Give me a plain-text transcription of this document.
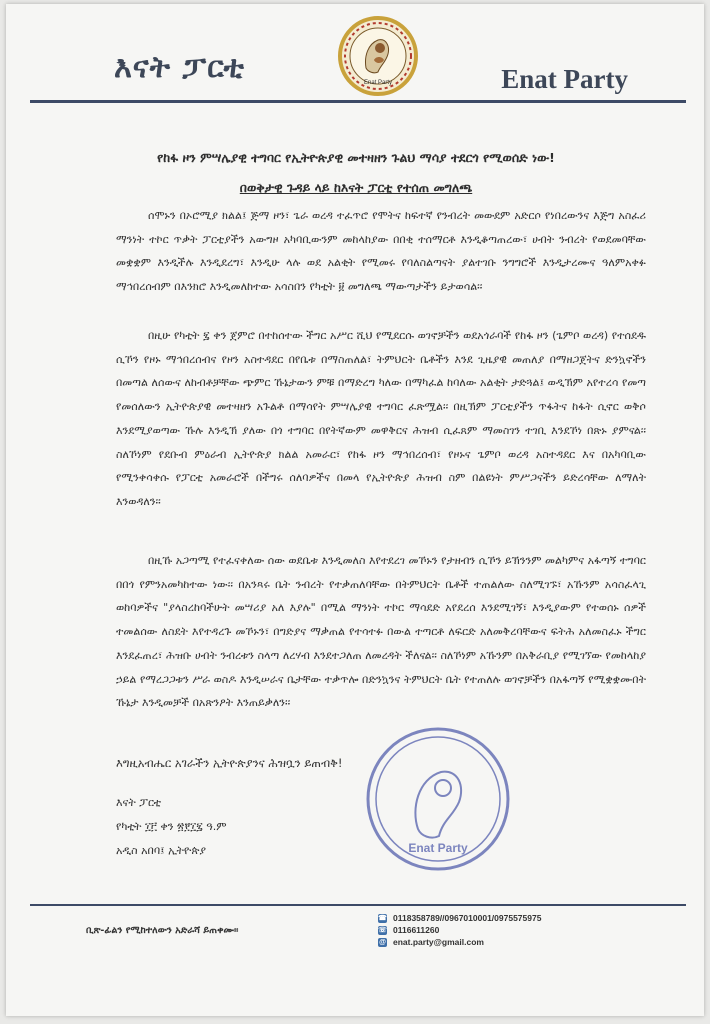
እናት ፓርቲ	Enat Party	Enat Party
የከፋ ዞን ምሣሌያዊ ተግባር የኢትዮጵያዊ መተዛዘን ጉልህ ማሳያ ተደርጎ የሚወሰድ ነው!
በወቅታዊ ጉዳይ ላይ ከእናት ፓርቲ የተሰጠ መግለጫ

ሰሞኑን በኦሮሚያ ክልል፤ ጅማ ዞን፣ ጌራ ወረዳ ተፈጥሮ የሞትና ከፍተኛ የንብረት መውደም አድርሶ የነበረውንና እጅግ አስፈሪ ማንነት ተኮር ጥቃት ፓርቲያችን አውግዞ አካባቢውንም መከላከያው በበቂ ተሰማርቶ እንዲቆጣጠረው፣ ሀብት ንብረት የወደመባቸው መቋቋም እንዲችሉ እንዲደረግ፣ እንዲሁ ላሉ ወደ አልቂት የሚመሩ የባለስልጣናት ያልተገቡ ንግግሮች እንዲታረሙና ዓለምአቀፉ ማኅበረሰብም በእንክሮ እንዲመለከተው አሳስበን የካቲት ፱ መግለጫ ማውጣታችን ይታወሳል፡፡

በዚሁ የካቲት ፯ ቀን ጀምሮ በተከሰተው ችግር አሥር ሺህ የሚደርሱ ወገኖቻችን ወደአጎራባች የከፋ ዞን (ጌምቦ ወረዳ) የተሰደዱ ሲኾን የዞኑ ማኅበረሰብና የዞን አስተዳደር በየቤቱ በማስጠለል፣ ትምህርት ቤቶችን እንደ ጊዜያዊ መጠለያ በማዘጋጀትና ድንኳኖችን በመጣል ለሰውና ለከብቶቻቸው ጭምር ኹኔታውን ምቹ በማድረግ ካለው በማካፈል ከባለው አልቂት ታድጓል፤ ወዲኽም አየተረሳ የመጣ የመሰለውን ኢትዮጵያዊ መተዛዘን አጉልቶ በማሳየት ምሣሌያዊ ተግባር ፈጽሟል፡፡ በዚኽም ፓርቲያችን ጥፋትና ከፋት ሲኖር ወቅሶ እንደሚያወጣው ኹሉ እንዲኽ ያለው በጎ ተግባር በየትኛውም መዋቅርና ሕዝብ ሲፈጸም ማመስገን ተገቢ እንደኾነ በጽኑ ያምናል፡፡ ስለኾነም የደቡብ ምዕራብ ኢትዮጵያ ክልል አመራር፣ የከፋ ዞን ማኅበረሰብ፣ የዞኑና ጌምቦ ወረዳ አስተዳደር እና በአካባቢው የሚንቀሳቀሱ የፓርቲ አመራሮች በችግሩ ሰለባዎችና በመላ የኢትዮጵያ ሕዝብ ስም በልዩነት ምሥጋናችን ይድረሳቸው ለማለት እንወዳለን፡፡

በዚኹ አጋጣሚ የተፈናቀለው ሰው ወደቤቱ እንዲመለስ እየተደረገ መኾኑን የታዘብን ሲኾን ይኽንንም መልካምና አፋጣኝ ተግባር በበጎ የምንአመካከተው ነው፡፡ በአንጻሩ ቤት ንብረት የተቃጠለባቸው በትምህርት ቤቶች ተጠልለው ስለሚገኙ፣ አኹንም አሳስፈላጊ ወከባዎችና "ያላስረከባችሁት መሣሪያ አለ እያሉ" በሚል ማንነት ተኮር ማሳደድ አየደረሰ እንደሚገኝ፣ እንዲያውም የተወሰኑ ሰዎች ተመልሰው ለስደት እየተዳረጉ መኾኑን፣ በግድያና ማቃጠል የተሳተፉ በውል ተጣርቶ ለፍርድ አለመቅረባቸውና ፍትሕ አለመስፈኑ ችግር እንደፈጠረ፣ ሕዝቡ ሀብት ንብረቱን ስላጣ ለረሃብ እንደተጋለጠ ለመረዳት ችለናል፡፡ ስለኾነም አኹንም በአቅራቢያ የሚገኘው የመከላከያ ኃይል የማረጋጋቱን ሥራ ወስዶ እንዲሠራና ቤታቸው ተቃጥሎ በድንኳንና ትምህርት ቤት የተጠለሉ ወገኖቻችን በአፋጣኝ የሚቋቋሙበት ኹኔታ እንዲመቻች በአጽንዖት እንጠይቃለን፡፡

እግዚአብሔር አገራችን ኢትዮጵያንና ሕዝቧን ይጠብቅ!
እናት ፓርቲ
የካቲት ፲፫ ቀን ፳፻፲፯ ዓ.ም
አዲስ አበባ፤ ኢትዮጵያ	Enat Party
ቢጽ-ፊልን የሚከተለውን አድራሻ ይጠቀሙ፡፡
☎ 0118358789//0967010001/0975575975
☏ 0116611260
@ enat.party@gmail.com
